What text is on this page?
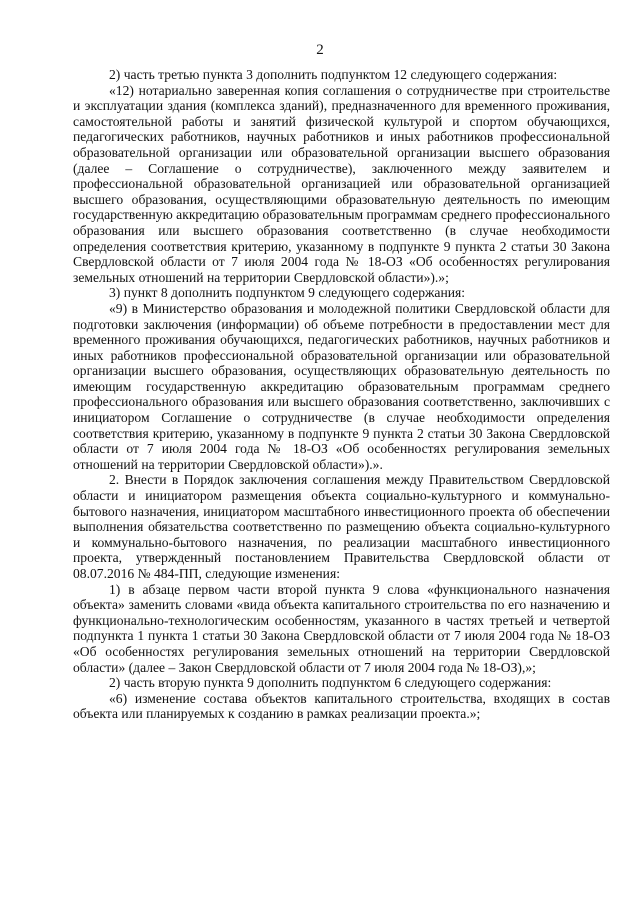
2

2) часть третью пункта 3 дополнить подпунктом 12 следующего содержания:

«12) нотариально заверенная копия соглашения о сотрудничестве при строительстве и эксплуатации здания (комплекса зданий), предназначенного для временного проживания, самостоятельной работы и занятий физической культурой и спортом обучающихся, педагогических работников, научных работников и иных работников профессиональной образовательной организации или образовательной организации высшего образования (далее – Соглашение о сотрудничестве), заключенного между заявителем и профессиональной образовательной организацией или образовательной организацией высшего образования, осуществляющими образовательную деятельность по имеющим государственную аккредитацию образовательным программам среднего профессионального образования или высшего образования соответственно (в случае необходимости определения соответствия критерию, указанному в подпункте 9 пункта 2 статьи 30 Закона Свердловской области от 7 июля 2004 года № 18-ОЗ «Об особенностях регулирования земельных отношений на территории Свердловской области»).»;

3) пункт 8 дополнить подпунктом 9 следующего содержания:

«9) в Министерство образования и молодежной политики Свердловской области для подготовки заключения (информации) об объеме потребности в предоставлении мест для временного проживания обучающихся, педагогических работников, научных работников и иных работников профессиональной образовательной организации или образовательной организации высшего образования, осуществляющих образовательную деятельность по имеющим государственную аккредитацию образовательным программам среднего профессионального образования или высшего образования соответственно, заключивших с инициатором Соглашение о сотрудничестве (в случае необходимости определения соответствия критерию, указанному в подпункте 9 пункта 2 статьи 30 Закона Свердловской области от 7 июля 2004 года № 18-ОЗ «Об особенностях регулирования земельных отношений на территории Свердловской области»).».

2. Внести в Порядок заключения соглашения между Правительством Свердловской области и инициатором размещения объекта социально-культурного и коммунально-бытового назначения, инициатором масштабного инвестиционного проекта об обеспечении выполнения обязательства соответственно по размещению объекта социально-культурного и коммунально-бытового назначения, по реализации масштабного инвестиционного проекта, утвержденный постановлением Правительства Свердловской области от 08.07.2016 № 484-ПП, следующие изменения:

1) в абзаце первом части второй пункта 9 слова «функционального назначения объекта» заменить словами «вида объекта капитального строительства по его назначению и функционально-технологическим особенностям, указанного в частях третьей и четвертой подпункта 1 пункта 1 статьи 30 Закона Свердловской области от 7 июля 2004 года № 18-ОЗ «Об особенностях регулирования земельных отношений на территории Свердловской области» (далее – Закон Свердловской области от 7 июля 2004 года № 18-ОЗ),»;

2) часть вторую пункта 9 дополнить подпунктом 6 следующего содержания:

«6) изменение состава объектов капитального строительства, входящих в состав объекта или планируемых к созданию в рамках реализации проекта.»;
